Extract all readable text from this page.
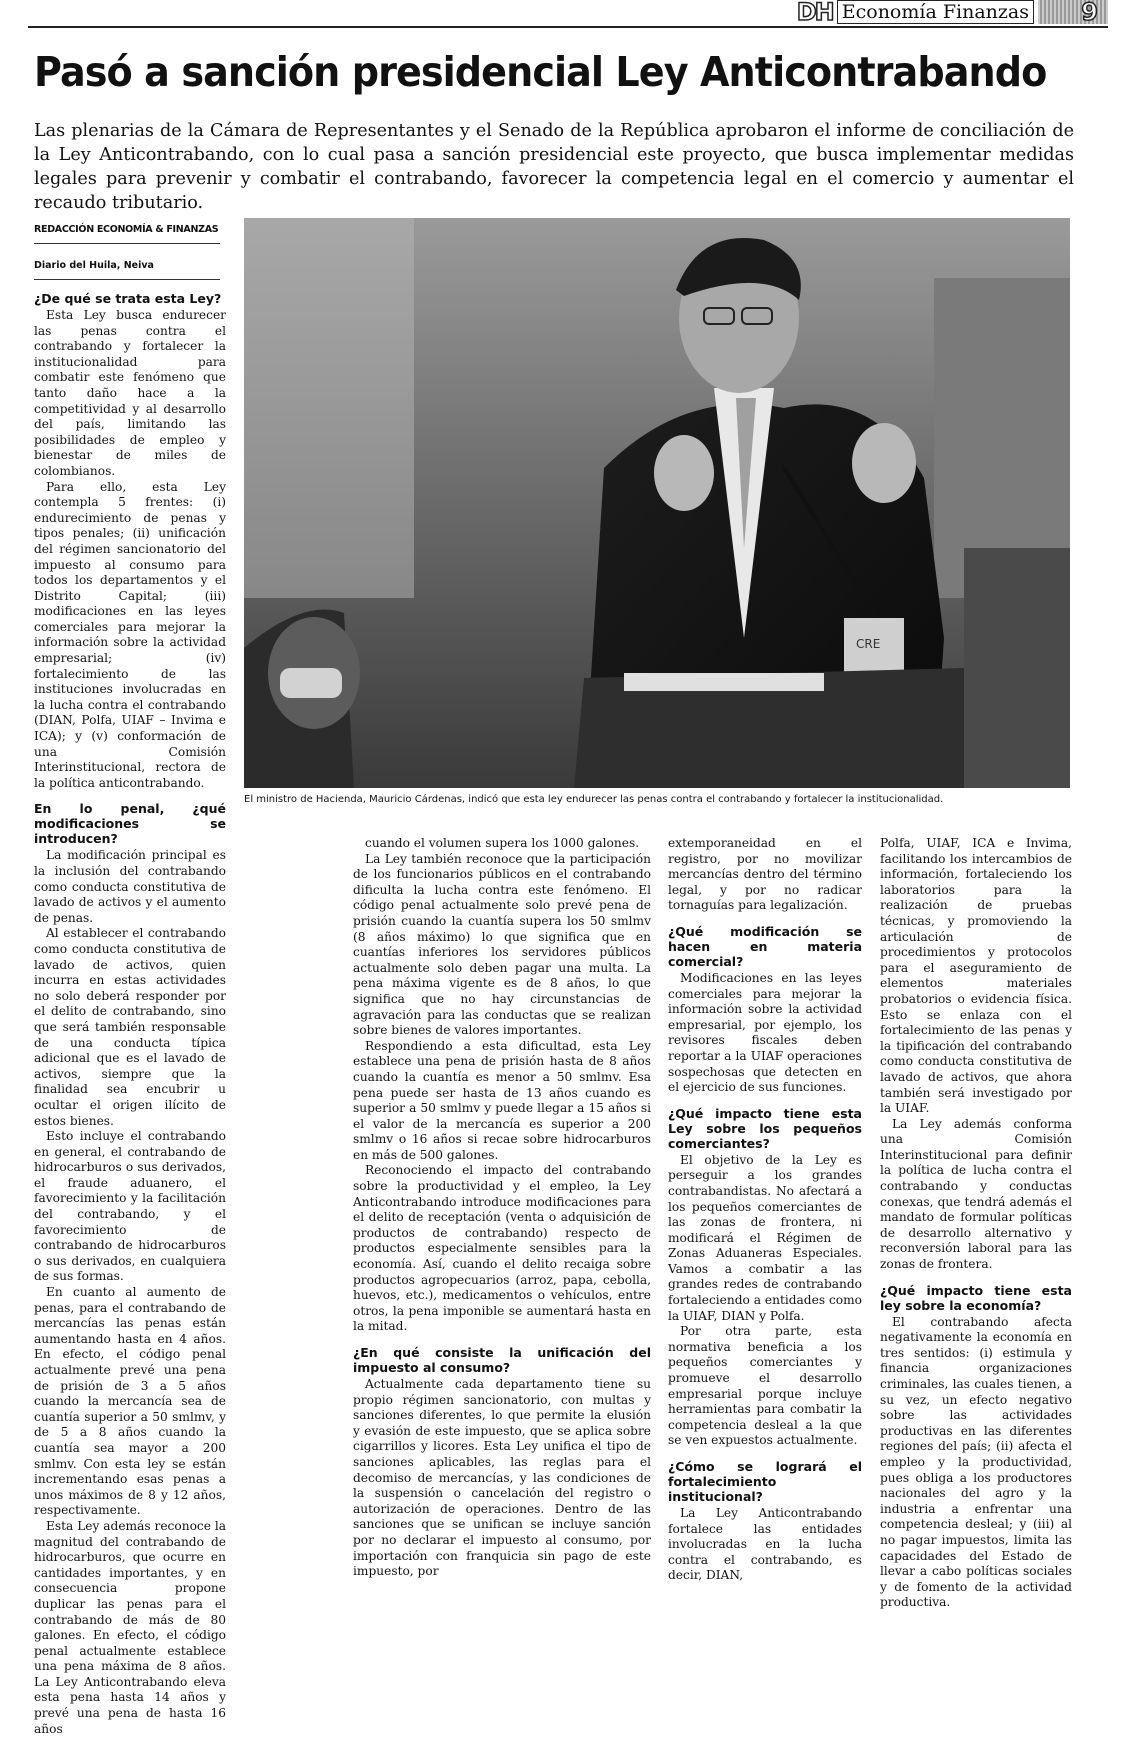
DH Economía Finanzas 9
Pasó a sanción presidencial Ley Anticontrabando

Las plenarias de la Cámara de Representantes y el Senado de la República aprobaron el informe de conciliación de la Ley Anticontrabando, con lo cual pasa a sanción presidencial este proyecto, que busca implementar medidas legales para prevenir y combatir el contrabando, favorecer la competencia legal en el comercio y aumentar el recaudo tributario.

REDACCIÓN ECONOMÍA & FINANZAS
Diario del Huila, Neiva
¿De qué se trata esta Ley?

Esta Ley busca endurecer las penas contra el contrabando y fortalecer la institucionalidad para combatir este fenómeno que tanto daño hace a la competitividad y al desarrollo del país, limitando las posibilidades de empleo y bienestar de miles de colombianos.

Para ello, esta Ley contempla 5 frentes: (i) endurecimiento de penas y tipos penales; (ii) unificación del régimen sancionatorio del impuesto al consumo para todos los departamentos y el Distrito Capital; (iii) modificaciones en las leyes comerciales para mejorar la información sobre la actividad empresarial; (iv) fortalecimiento de las instituciones involucradas en la lucha contra el contrabando (DIAN, Polfa, UIAF – Invima e ICA); y (v) conformación de una Comisión Interinstitucional, rectora de la política anticontrabando.

En lo penal, ¿qué modificaciones se introducen?

La modificación principal es la inclusión del contrabando como conducta constitutiva de lavado de activos y el aumento de penas.

Al establecer el contrabando como conducta constitutiva de lavado de activos, quien incurra en estas actividades no solo deberá responder por el delito de contrabando, sino que será también responsable de una conducta típica adicional que es el lavado de activos, siempre que la finalidad sea encubrir u ocultar el origen ilícito de estos bienes.

Esto incluye el contrabando en general, el contrabando de hidrocarburos o sus derivados, el fraude aduanero, el favorecimiento y la facilitación del contrabando, y el favorecimiento de contrabando de hidrocarburos o sus derivados, en cualquiera de sus formas.

En cuanto al aumento de penas, para el contrabando de mercancías las penas están aumentando hasta en 4 años. En efecto, el código penal actualmente prevé una pena de prisión de 3 a 5 años cuando la mercancía sea de cuantía superior a 50 smlmv, y de 5 a 8 años cuando la cuantía sea mayor a 200 smlmv. Con esta ley se están incrementando esas penas a unos máximos de 8 y 12 años, respectivamente.

Esta Ley además reconoce la magnitud del contrabando de hidrocarburos, que ocurre en cantidades importantes, y en consecuencia propone duplicar las penas para el contrabando de más de 80 galones. En efecto, el código penal actualmente establece una pena máxima de 8 años. La Ley Anticontrabando eleva esta pena hasta 14 años y prevé una pena de hasta 16 años

CRE

El ministro de Hacienda, Mauricio Cárdenas, indicó que esta ley endurecer las penas contra el contrabando y fortalecer la institucionalidad.

cuando el volumen supera los 1000 galones.

La Ley también reconoce que la participación de los funcionarios públicos en el contrabando dificulta la lucha contra este fenómeno. El código penal actualmente solo prevé pena de prisión cuando la cuantía supera los 50 smlmv (8 años máximo) lo que significa que en cuantías inferiores los servidores públicos actualmente solo deben pagar una multa. La pena máxima vigente es de 8 años, lo que significa que no hay circunstancias de agravación para las conductas que se realizan sobre bienes de valores importantes.

Respondiendo a esta dificultad, esta Ley establece una pena de prisión hasta de 8 años cuando la cuantía es menor a 50 smlmv. Esa pena puede ser hasta de 13 años cuando es superior a 50 smlmv y puede llegar a 15 años si el valor de la mercancía es superior a 200 smlmv o 16 años si recae sobre hidrocarburos en más de 500 galones.

Reconociendo el impacto del contrabando sobre la productividad y el empleo, la Ley Anticontrabando introduce modificaciones para el delito de receptación (venta o adquisición de productos de contrabando) respecto de productos especialmente sensibles para la economía. Así, cuando el delito recaiga sobre productos agropecuarios (arroz, papa, cebolla, huevos, etc.), medicamentos o vehículos, entre otros, la pena imponible se aumentará hasta en la mitad.

¿En qué consiste la unificación del impuesto al consumo?

Actualmente cada departamento tiene su propio régimen sancionatorio, con multas y sanciones diferentes, lo que permite la elusión y evasión de este impuesto, que se aplica sobre cigarrillos y licores. Esta Ley unifica el tipo de sanciones aplicables, las reglas para el decomiso de mercancías, y las condiciones de la suspensión o cancelación del registro o autorización de operaciones. Dentro de las sanciones que se unifican se incluye sanción por no declarar el impuesto al consumo, por importación con franquicia sin pago de este impuesto, por

extemporaneidad en el registro, por no movilizar mercancías dentro del término legal, y por no radicar tornaguías para legalización.

¿Qué modificación se hacen en materia comercial?

Modificaciones en las leyes comerciales para mejorar la información sobre la actividad empresarial, por ejemplo, los revisores fiscales deben reportar a la UIAF operaciones sospechosas que detecten en el ejercicio de sus funciones.

¿Qué impacto tiene esta Ley sobre los pequeños comerciantes?

El objetivo de la Ley es perseguir a los grandes contrabandistas. No afectará a los pequeños comerciantes de las zonas de frontera, ni modificará el Régimen de Zonas Aduaneras Especiales. Vamos a combatir a las grandes redes de contrabando fortaleciendo a entidades como la UIAF, DIAN y Polfa.

Por otra parte, esta normativa beneficia a los pequeños comerciantes y promueve el desarrollo empresarial porque incluye herramientas para combatir la competencia desleal a la que se ven expuestos actualmente.

¿Cómo se logrará el fortalecimiento institucional?

La Ley Anticontrabando fortalece las entidades involucradas en la lucha contra el contrabando, es decir, DIAN,

Polfa, UIAF, ICA e Invima, facilitando los intercambios de información, fortaleciendo los laboratorios para la realización de pruebas técnicas, y promoviendo la articulación de procedimientos y protocolos para el aseguramiento de elementos materiales probatorios o evidencia física. Esto se enlaza con el fortalecimiento de las penas y la tipificación del contrabando como conducta constitutiva de lavado de activos, que ahora también será investigado por la UIAF.

La Ley además conforma una Comisión Interinstitucional para definir la política de lucha contra el contrabando y conductas conexas, que tendrá además el mandato de formular políticas de desarrollo alternativo y reconversión laboral para las zonas de frontera.

¿Qué impacto tiene esta ley sobre la economía?

El contrabando afecta negativamente la economía en tres sentidos: (i) estimula y financia organizaciones criminales, las cuales tienen, a su vez, un efecto negativo sobre las actividades productivas en las diferentes regiones del país; (ii) afecta el empleo y la productividad, pues obliga a los productores nacionales del agro y la industria a enfrentar una competencia desleal; y (iii) al no pagar impuestos, limita las capacidades del Estado de llevar a cabo políticas sociales y de fomento de la actividad productiva.
